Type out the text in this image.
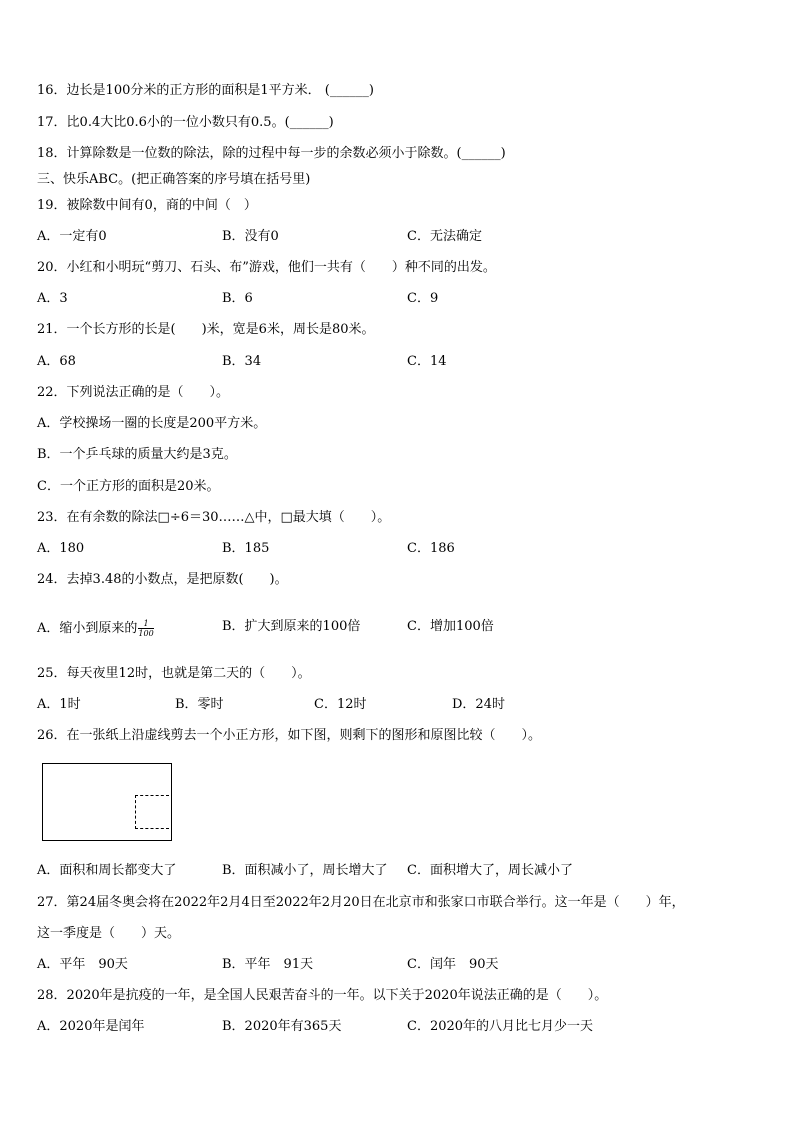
16．边长是100分米的正方形的面积是1平方米． (______)
17．比0.4大比0.6小的一位小数只有0.5。(______)
18．计算除数是一位数的除法，除的过程中每一步的余数必须小于除数。(______)
三、快乐ABC。(把正确答案的序号填在括号里)
19．被除数中间有0，商的中间（　）
A．一定有0	B．没有0	C．无法确定
20．小红和小明玩“剪刀、石头、布”游戏，他们一共有（　　）种不同的出发。
A．3	B．6	C．9
21．一个长方形的长是(　　)米，宽是6米，周长是80米。
A．68	B．34	C．14
22．下列说法正确的是（　　）。
A．学校操场一圈的长度是200平方米。
B．一个乒乓球的质量大约是3克。
C．一个正方形的面积是20米。
23．在有余数的除法□÷6＝30……△中，□最大填（　　）。
A．180	B．185	C．186
24．去掉3.48的小数点，是把原数(　　)。
A．缩小到原来的 $\frac{1}{100}$	B．扩大到原来的100倍	C．增加100倍
25．每天夜里12时，也就是第二天的（　　）。
A．1时	B．零时	C．12时	D．24时
26．在一张纸上沿虚线剪去一个小正方形，如下图，则剩下的图形和原图比较（　　）。
A．面积和周长都变大了	B．面积减小了，周长增大了 C．面积增大了，周长减小了
27．第24届冬奥会将在2022年2月4日至2022年2月20日在北京市和张家口市联合举行。这一年是（　　）年，
这一季度是（　　）天。
A．平年　90天	B．平年　91天	C．闰年　90天
28．2020年是抗疫的一年，是全国人民艰苦奋斗的一年。以下关于2020年说法正确的是（　　）。
A．2020年是闰年	B．2020年有365天	C．2020年的八月比七月少一天
